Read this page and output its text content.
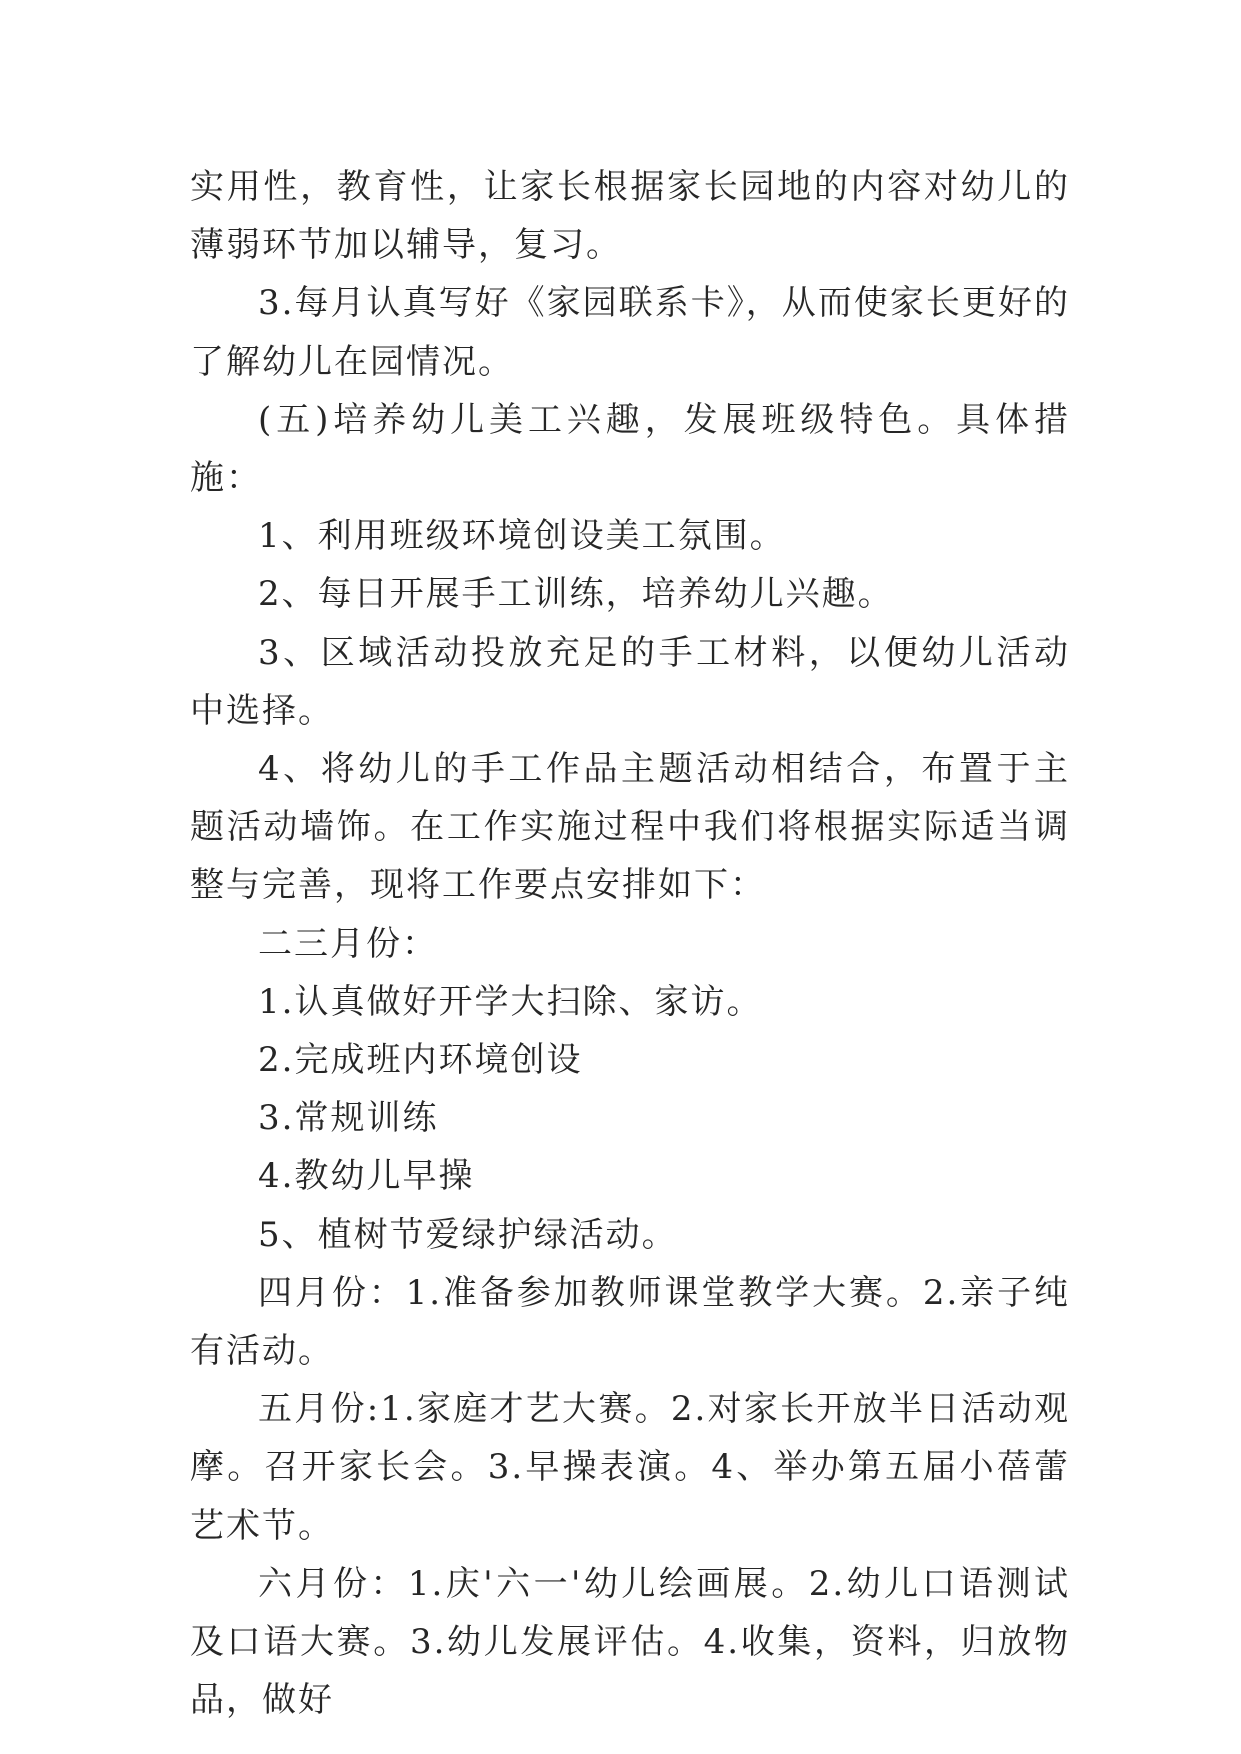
实用性，教育性，让家长根据家长园地的内容对幼儿的薄弱环节加以辅导，复习。

3.每月认真写好《家园联系卡》，从而使家长更好的了解幼儿在园情况。

(五)培养幼儿美工兴趣，发展班级特色。具体措施：

1、利用班级环境创设美工氛围。

2、每日开展手工训练，培养幼儿兴趣。

3、区域活动投放充足的手工材料，以便幼儿活动中选择。

4、将幼儿的手工作品主题活动相结合，布置于主题活动墙饰。在工作实施过程中我们将根据实际适当调整与完善，现将工作要点安排如下：

二三月份：

1.认真做好开学大扫除、家访。

2.完成班内环境创设

3.常规训练

4.教幼儿早操

5、植树节爱绿护绿活动。

四月份：1.准备参加教师课堂教学大赛。2.亲子纯有活动。

五月份:1.家庭才艺大赛。2.对家长开放半日活动观摩。召开家长会。3.早操表演。4、举办第五届小蓓蕾艺术节。

六月份：1.庆'六一'幼儿绘画展。2.幼儿口语测试及口语大赛。3.幼儿发展评估。4.收集，资料，归放物品，做好
